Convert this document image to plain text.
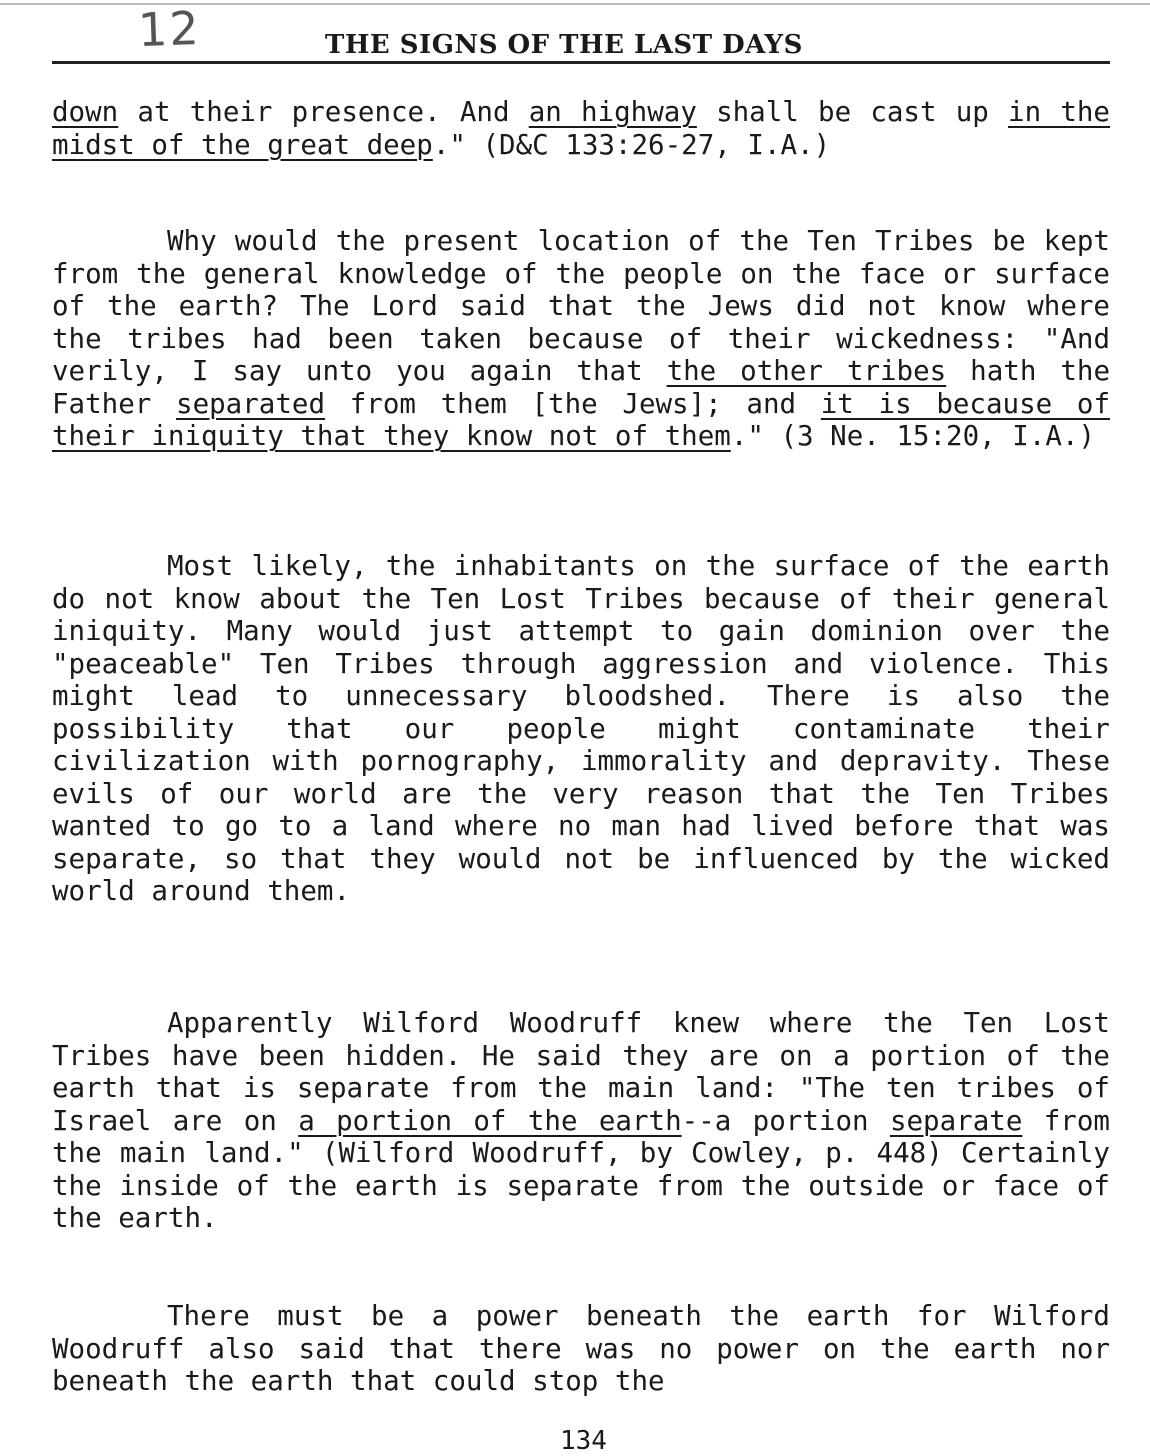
12	THE SIGNS OF THE LAST DAYS

down at their presence. And an highway shall be cast up in the midst of the great deep." (D&C 133:26-27, I.A.)

Why would the present location of the Ten Tribes be kept from the general knowledge of the people on the face or surface of the earth? The Lord said that the Jews did not know where the tribes had been taken because of their wickedness: "And verily, I say unto you again that the other tribes hath the Father separated from them [the Jews]; and it is because of their iniquity that they know not of them." (3 Ne. 15:20, I.A.)

Most likely, the inhabitants on the surface of the earth do not know about the Ten Lost Tribes because of their general iniquity. Many would just attempt to gain dominion over the "peaceable" Ten Tribes through aggression and violence. This might lead to unnecessary bloodshed. There is also the possibility that our people might contaminate their civilization with pornography, immorality and depravity. These evils of our world are the very reason that the Ten Tribes wanted to go to a land where no man had lived before that was separate, so that they would not be influenced by the wicked world around them.

Apparently Wilford Woodruff knew where the Ten Lost Tribes have been hidden. He said they are on a portion of the earth that is separate from the main land: "The ten tribes of Israel are on a portion of the earth--a portion separate from the main land." (Wilford Woodruff, by Cowley, p. 448) Certainly the inside of the earth is separate from the outside or face of the earth.

There must be a power beneath the earth for Wilford Woodruff also said that there was no power on the earth nor beneath the earth that could stop the

134
